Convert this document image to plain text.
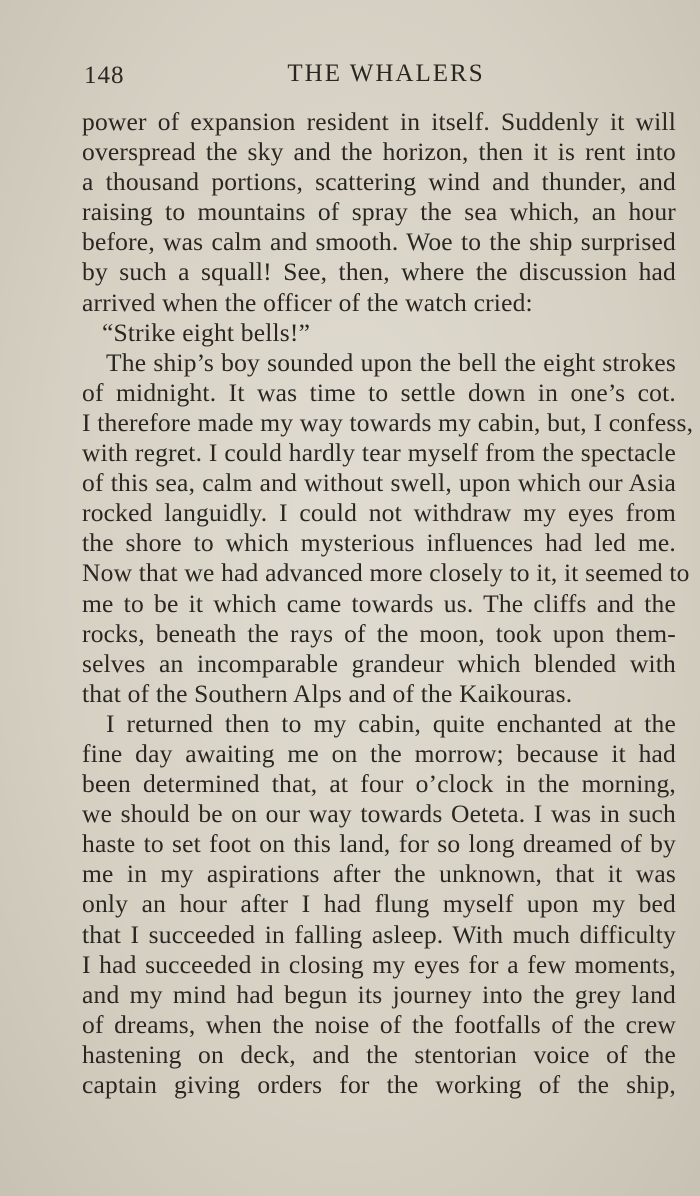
148	THE WHALERS
power of expansion resident in itself. Suddenly it will
overspread the sky and the horizon, then it is rent into
a thousand portions, scattering wind and thunder, and
raising to mountains of spray the sea which, an hour
before, was calm and smooth. Woe to the ship surprised
by such a squall! See, then, where the discussion had
arrived when the officer of the watch cried:
“Strike eight bells!”
The ship’s boy sounded upon the bell the eight strokes
of midnight. It was time to settle down in one’s cot.
I therefore made my way towards my cabin, but, I confess,
with regret. I could hardly tear myself from the spectacle
of this sea, calm and without swell, upon which our Asia
rocked languidly. I could not withdraw my eyes from
the shore to which mysterious influences had led me.
Now that we had advanced more closely to it, it seemed to
me to be it which came towards us. The cliffs and the
rocks, beneath the rays of the moon, took upon them-
selves an incomparable grandeur which blended with
that of the Southern Alps and of the Kaikouras.
I returned then to my cabin, quite enchanted at the
fine day awaiting me on the morrow; because it had
been determined that, at four o’clock in the morning,
we should be on our way towards Oeteta. I was in such
haste to set foot on this land, for so long dreamed of by
me in my aspirations after the unknown, that it was
only an hour after I had flung myself upon my bed
that I succeeded in falling asleep. With much difficulty
I had succeeded in closing my eyes for a few moments,
and my mind had begun its journey into the grey land
of dreams, when the noise of the footfalls of the crew
hastening on deck, and the stentorian voice of the
captain giving orders for the working of the ship,
